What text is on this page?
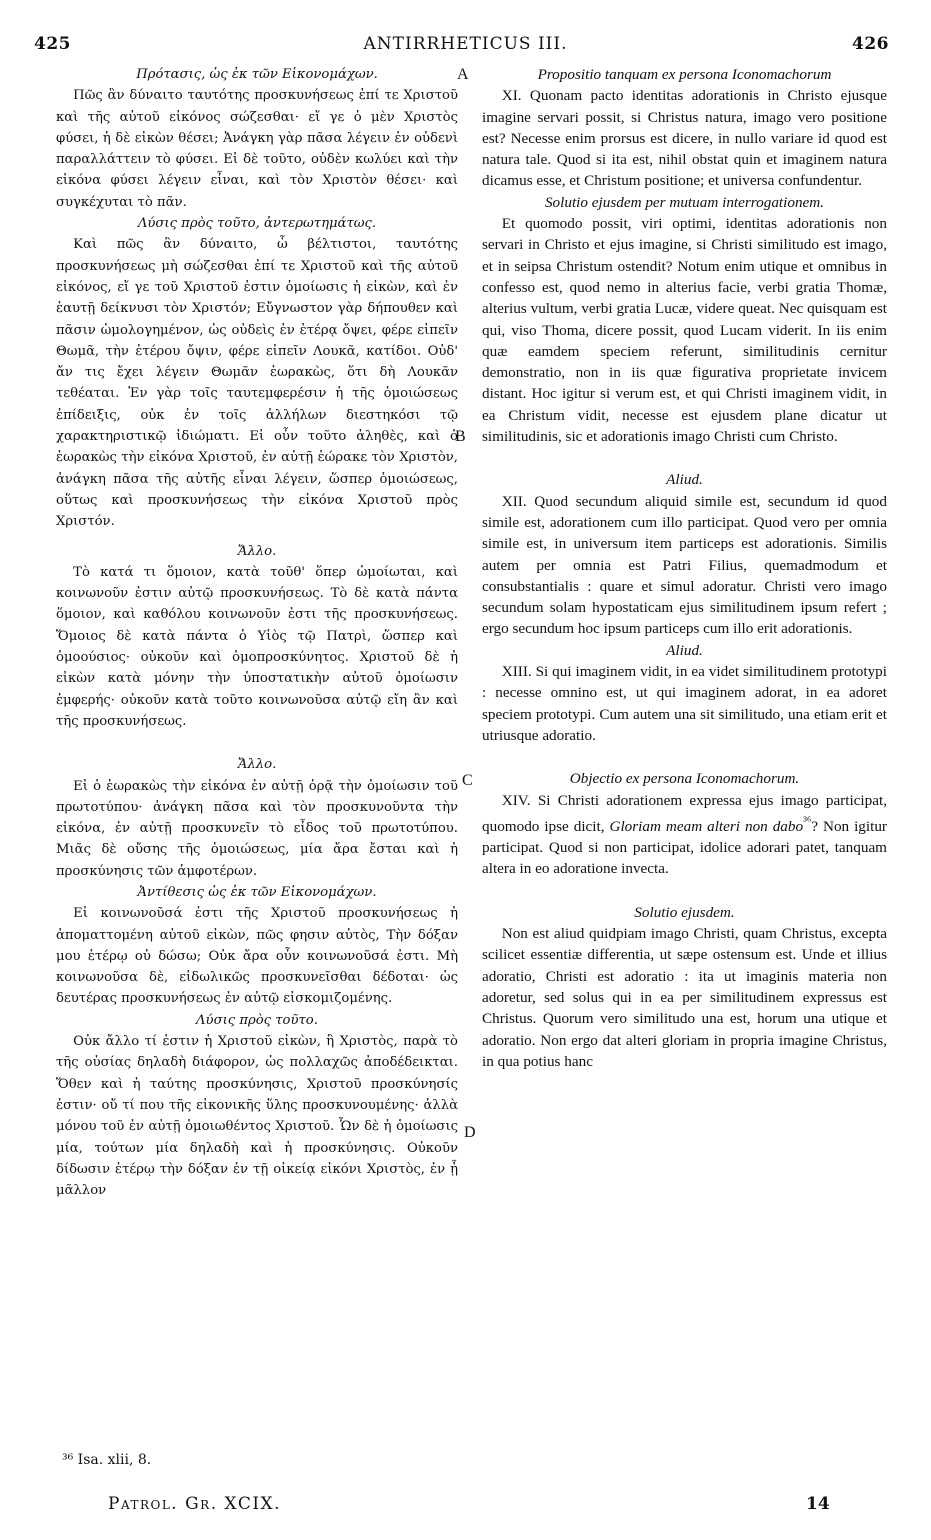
425	ANTIRRHETICUS III.	426
Πρότασις, ὡς ἐκ τῶν Εἰκονομάχων.

Πῶς ἂν δύναιτο ταυτότης προσκυνήσεως ἐπί τε Χριστοῦ καὶ τῆς αὐτοῦ εἰκόνος σώζεσθαι· εἴ γε ὁ μὲν Χριστὸς φύσει, ἡ δὲ εἰκὼν θέσει; Ἀνάγκη γὰρ πᾶσα λέγειν ἐν οὐδενὶ παραλλάττειν τὸ φύσει. Εἰ δὲ τοῦτο, οὐδὲν κωλύει καὶ τὴν εἰκόνα φύσει λέγειν εἶναι, καὶ τὸν Χριστὸν θέσει· καὶ συγκέχυται τὸ πᾶν.

Λύσις πρὸς τοῦτο, ἀντερωτημάτως.

Καὶ πῶς ἂν δύναιτο, ὦ βέλτιστοι, ταυτότης προσκυνήσεως μὴ σώζεσθαι ἐπί τε Χριστοῦ καὶ τῆς αὐτοῦ εἰκόνος, εἴ γε τοῦ Χριστοῦ ἐστιν ὁμοίωσις ἡ εἰκὼν, καὶ ἐν ἑαυτῇ δείκνυσι τὸν Χριστόν; Εὔγνωστον γὰρ δήπουθεν καὶ πᾶσιν ὡμολογημένον, ὡς οὐδεὶς ἐν ἑτέρᾳ ὄψει, φέρε εἰπεῖν Θωμᾶ, τὴν ἑτέρου ὄψιν, φέρε εἰπεῖν Λουκᾶ, κατίδοι. Οὐδ' ἄν τις ἔχει λέγειν Θωμᾶν ἑωρακὼς, ὅτι δὴ Λουκᾶν τεθέαται. Ἐν γὰρ τοῖς ταυτεμφερέσιν ἡ τῆς ὁμοιώσεως ἐπίδειξις, οὐκ ἐν τοῖς ἀλλήλων διεστηκόσι τῷ χαρακτηριστικῷ ἰδιώματι. Εἰ οὖν τοῦτο ἀληθὲς, καὶ ὁ ἑωρακὼς τὴν εἰκόνα Χριστοῦ, ἐν αὐτῇ ἑώρακε τὸν Χριστὸν, ἀνάγκη πᾶσα τῆς αὐτῆς εἶναι λέγειν, ὥσπερ ὁμοιώσεως, οὕτως καὶ προσκυνήσεως τὴν εἰκόνα Χριστοῦ πρὸς Χριστόν.

Ἄλλο.

Τὸ κατά τι ὅμοιον, κατὰ τοῦθ' ὅπερ ὡμοίωται, καὶ κοινωνοῦν ἐστιν αὐτῷ προσκυνήσεως. Τὸ δὲ κατὰ πάντα ὅμοιον, καὶ καθόλου κοινωνοῦν ἐστι τῆς προσκυνήσεως. Ὅμοιος δὲ κατὰ πάντα ὁ Υἱὸς τῷ Πατρὶ, ὥσπερ καὶ ὁμοούσιος· οὐκοῦν καὶ ὁμοπροσκύνητος. Χριστοῦ δὲ ἡ εἰκὼν κατὰ μόνην τὴν ὑποστατικὴν αὐτοῦ ὁμοίωσιν ἐμφερής· οὐκοῦν κατὰ τοῦτο κοινωνοῦσα αὐτῷ εἴη ἂν καὶ τῆς προσκυνήσεως.

Ἄλλο.

Εἰ ὁ ἑωρακὼς τὴν εἰκόνα ἐν αὐτῇ ὁρᾷ τὴν ὁμοίωσιν τοῦ πρωτοτύπου· ἀνάγκη πᾶσα καὶ τὸν προσκυνοῦντα τὴν εἰκόνα, ἐν αὐτῇ προσκυνεῖν τὸ εἶδος τοῦ πρωτοτύπου. Μιᾶς δὲ οὔσης τῆς ὁμοιώσεως, μία ἄρα ἔσται καὶ ἡ προσκύνησις τῶν ἀμφοτέρων.

Ἀντίθεσις ὡς ἐκ τῶν Εἰκονομάχων.

Εἰ κοινωνοῦσά ἐστι τῆς Χριστοῦ προσκυνήσεως ἡ ἀποματτομένη αὐτοῦ εἰκὼν, πῶς φησιν αὐτὸς, Τὴν δόξαν μου ἑτέρῳ οὐ δώσω; Οὐκ ἄρα οὖν κοινωνοῦσά ἐστι. Μὴ κοινωνοῦσα δὲ, εἰδωλικῶς προσκυνεῖσθαι δέδοται· ὡς δευτέρας προσκυνήσεως ἐν αὐτῷ εἰσκομιζομένης.

Λύσις πρὸς τοῦτο.

Οὐκ ἄλλο τί ἐστιν ἡ Χριστοῦ εἰκὼν, ἢ Χριστὸς, παρὰ τὸ τῆς οὐσίας δηλαδὴ διάφορον, ὡς πολλαχῶς ἀποδέδεικται. Ὅθεν καὶ ἡ ταύτης προσκύνησις, Χριστοῦ προσκύνησίς ἐστιν· οὔ τί που τῆς εἰκονικῆς ὕλης προσκυνουμένης· ἀλλὰ μόνου τοῦ ἐν αὐτῇ ὁμοιωθέντος Χριστοῦ. Ὧν δὲ ἡ ὁμοίωσις μία, τούτων μία δηλαδὴ καὶ ἡ προσκύνησις. Οὐκοῦν δίδωσιν ἑτέρῳ τὴν δόξαν ἐν τῇ οἰκείᾳ εἰκόνι Χριστὸς, ἐν ᾗ μᾶλλον

A
B
C
D
Propositio tanquam ex persona Iconomachorum

XI. Quonam pacto identitas adorationis in Christo ejusque imagine servari possit, si Christus natura, imago vero positione est? Necesse enim prorsus est dicere, in nullo variare id quod est natura tale. Quod si ita est, nihil obstat quin et imaginem natura dicamus esse, et Christum positione; et universa confundentur.

Solutio ejusdem per mutuam interrogationem.

Et quomodo possit, viri optimi, identitas adorationis non servari in Christo et ejus imagine, si Christi similitudo est imago, et in seipsa Christum ostendit? Notum enim utique et omnibus in confesso est, quod nemo in alterius facie, verbi gratia Thomæ, alterius vultum, verbi gratia Lucæ, videre queat. Nec quisquam est qui, viso Thoma, dicere possit, quod Lucam viderit. In iis enim quæ eamdem speciem referunt, similitudinis cernitur demonstratio, non in iis quæ figurativa proprietate invicem distant. Hoc igitur si verum est, et qui Christi imaginem vidit, in ea Christum vidit, necesse est ejusdem plane dicatur ut similitudinis, sic et adorationis imago Christi cum Christo.

Aliud.

XII. Quod secundum aliquid simile est, secundum id quod simile est, adorationem cum illo participat. Quod vero per omnia simile est, in universum item particeps est adorationis. Similis autem per omnia est Patri Filius, quemadmodum et consubstantialis : quare et simul adoratur. Christi vero imago secundum solam hypostaticam ejus similitudinem ipsum refert ; ergo secundum hoc ipsum particeps cum illo erit adorationis.

Aliud.

XIII. Si qui imaginem vidit, in ea videt similitudinem prototypi : necesse omnino est, ut qui imaginem adorat, in ea adoret speciem prototypi. Cum autem una sit similitudo, una etiam erit et utriusque adoratio.

Objectio ex persona Iconomachorum.

XIV. Si Christi adorationem expressa ejus imago participat, quomodo ipse dicit, Gloriam meam alteri non dabo$^{^{36}}$? Non igitur participat. Quod si non participat, idolice adorari patet, tanquam altera in eo adoratione invecta.

Solutio ejusdem.

Non est aliud quidpiam imago Christi, quam Christus, excepta scilicet essentiæ differentia, ut sæpe ostensum est. Unde et illius adoratio, Christi est adoratio : ita ut imaginis materia non adoretur, sed solus qui in ea per similitudinem expressus est Christus. Quorum vero similitudo una est, horum una utique et adoratio. Non ergo dat alteri gloriam in propria imagine Christus, in qua potius hanc

³⁶ Isa. xlii, 8.
Patrol. Gr. XCIX.	14
